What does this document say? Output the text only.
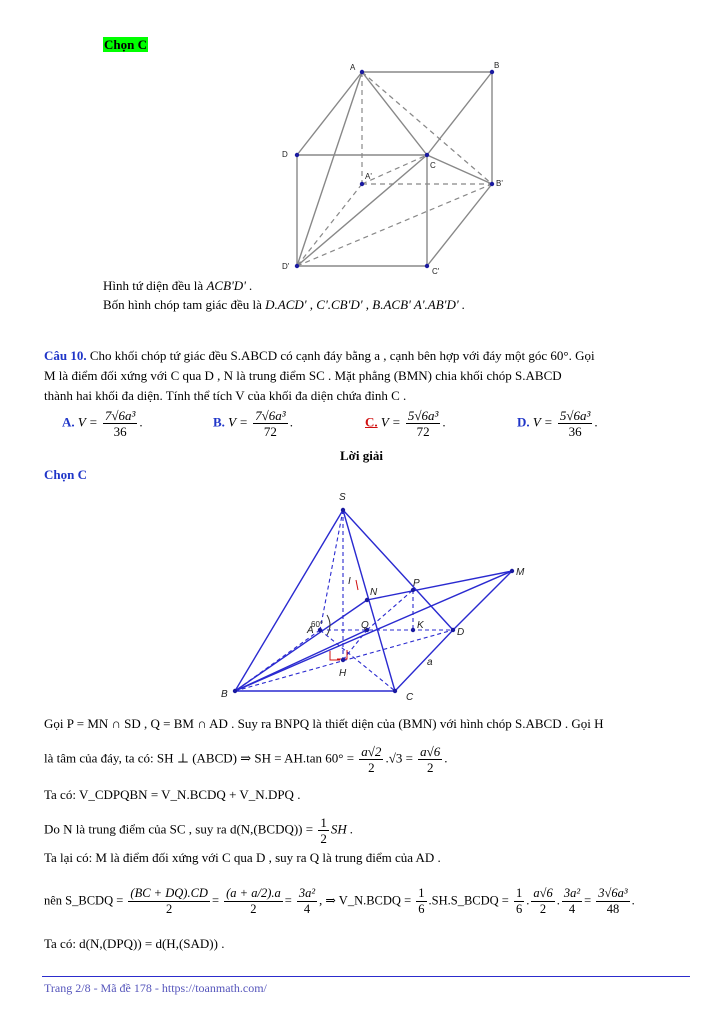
Chọn C
A	B
D
C
A'
B'
D'
C'
Hình tứ diện đều là ACB'D' .
Bốn hình chóp tam giác đều là D.ACD' , C'.CB'D' , B.ACB' A'.AB'D' .
Câu 10. Cho khối chóp tứ giác đều S.ABCD có cạnh đáy bằng a , cạnh bên hợp với đáy một góc 60°. Gọi
M là điểm đối xứng với C qua D , N là trung điểm SC . Mặt phẳng (BMN) chia khối chóp S.ABCD
thành hai khối đa diện. Tính thể tích V của khối đa diện chứa đỉnh C .
A. $V = \frac{\text{7√6a³}}{36}$ .	B. $V = \frac{\text{7√6a³}}{72}$ .	C. $V = \frac{\text{5√6a³}}{72}$ .	D. $V = \frac{\text{5√6a³}}{36}$ .
Lời giải
Chọn C
S
M
N
P
I
A	Q	K
D
H
B	C
a
60°
Gọi P = MN ∩ SD , Q = BM ∩ AD . Suy ra BNPQ là thiết diện của (BMN) với hình chóp S.ABCD . Gọi H
là tâm của đáy, ta có: SH ⊥ (ABCD) ⇒ SH = AH.tan $60^\circ = \frac{a√2}{2} .√3 = \frac{a√6}{2}$ .
Ta có: V_CDPQBN = V_N.BCDQ + V_N.DPQ .
Do N là trung điểm của SC , suy ra d(N,(BCDQ)) = $\frac{1}{2}$ SH .
Ta lại có: M là điểm đối xứng với C qua D , suy ra Q là trung điểm của AD .
nên S_BCDQ = $\frac{(BC + DQ).CD}{2} = \frac{(a + a/2).a}{2} = \frac{\text{3a²}}{4}$ , ⇒ V_N.BCDQ = $\frac{1}{6}$ .SH.S_BCDQ = $\frac{1}{6}$ . $\frac{a√6}{2}$ . $\frac{\text{3a²}}{4} = \frac{\text{3√6a³}}{48}$ .
Ta có: d(N,(DPQ)) = d(H,(SAD)) .
Trang 2/8 - Mã đề 178 - https://toanmath.com/
